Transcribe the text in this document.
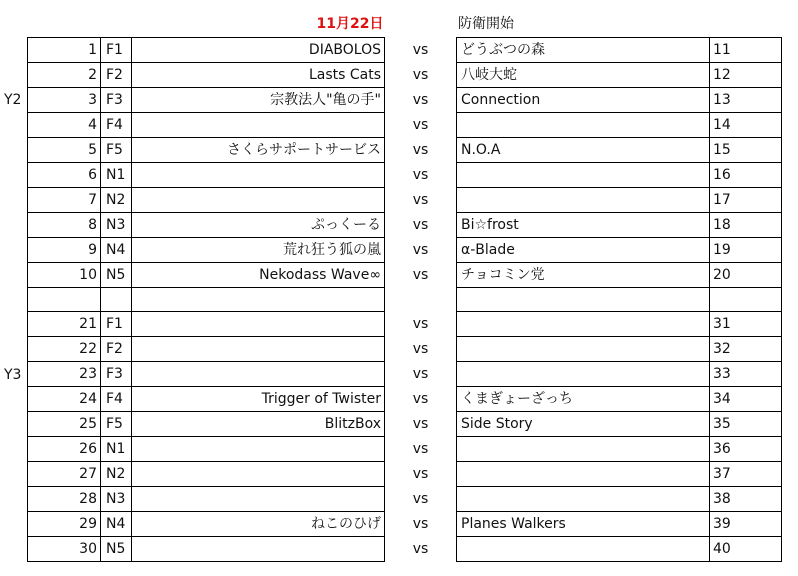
11月22日	防衛開始
Y2
Y3
1	F1	DIABOLOS	vs	どうぶつの森	11
2	F2	Lasts Cats	vs	八岐大蛇	12
3	F3	宗教法人"亀の手"	vs	Connection	13
4	F4		vs		14
5	F5	さくらサポートサービス	vs	N.O.A	15
6	N1		vs		16
7	N2		vs		17
8	N3	ぷっくーる	vs	Bi☆frost	18
9	N4	荒れ狂う狐の嵐	vs	α-Blade	19
10	N5	Nekodass Wave∞	vs	チョコミン党	20

21	F1		vs		31
22	F2		vs		32
23	F3		vs		33
24	F4	Trigger of Twister	vs	くまぎょーざっち	34
25	F5	BlitzBox	vs	Side Story	35
26	N1		vs		36
27	N2		vs		37
28	N3		vs		38
29	N4	ねこのひげ	vs	Planes Walkers	39
30	N5		vs		40
